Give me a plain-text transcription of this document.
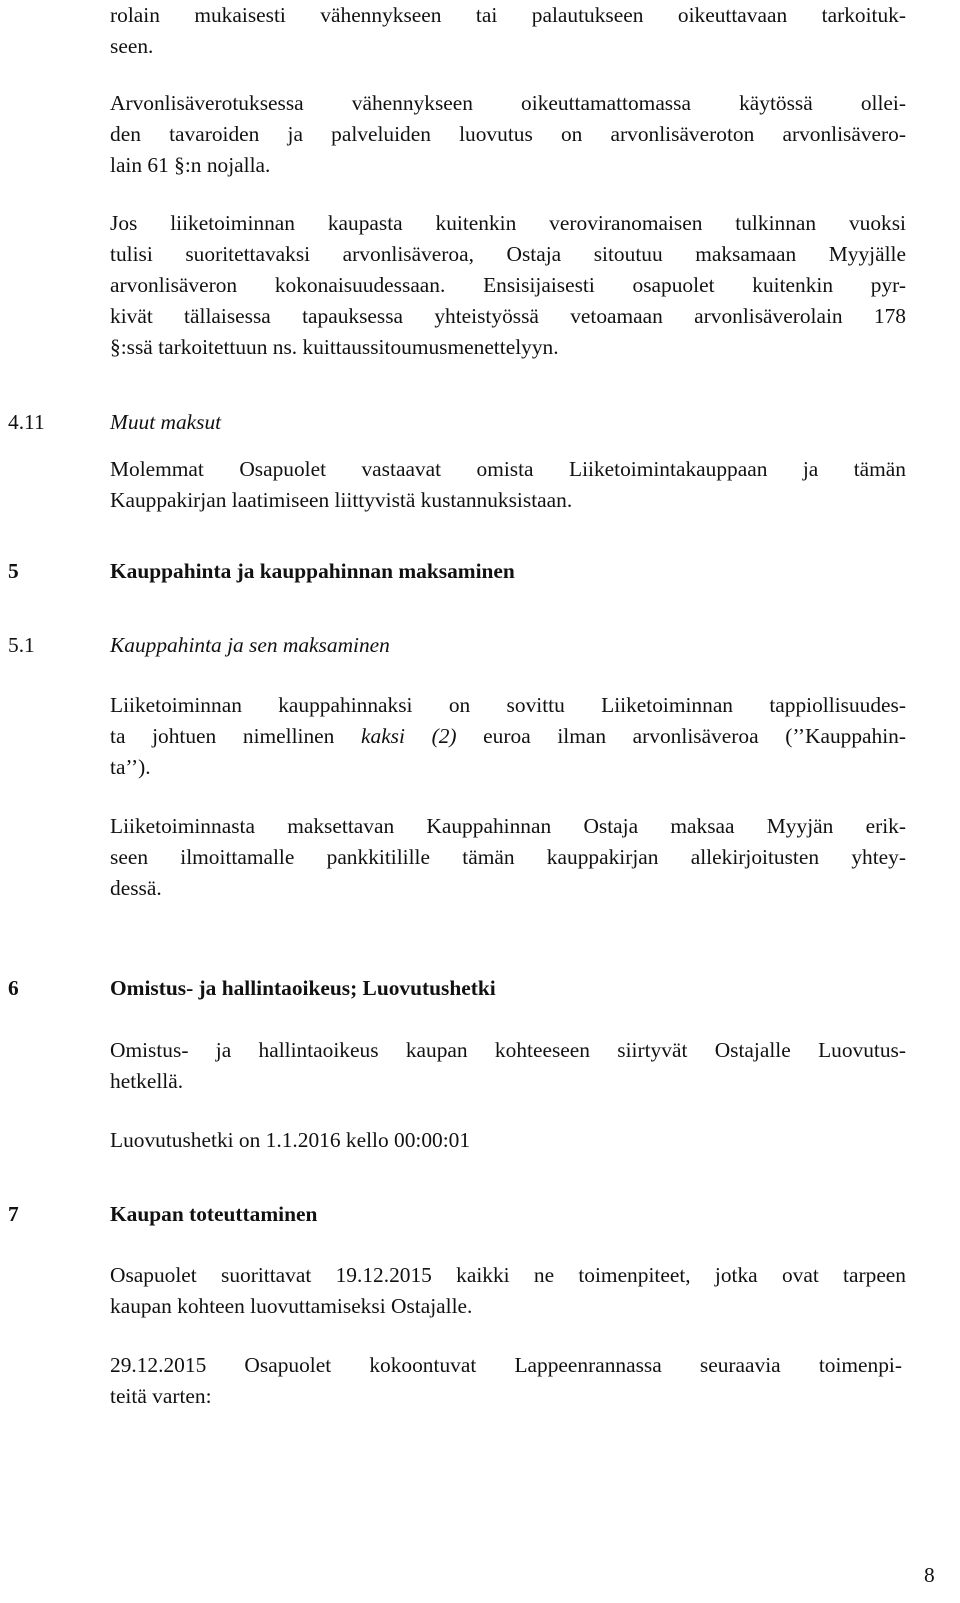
rolain mukaisesti vähennykseen tai palautukseen oikeuttavaan tarkoituk-
seen.
Arvonlisäverotuksessa vähennykseen oikeuttamattomassa käytössä ollei-
den tavaroiden ja palveluiden luovutus on arvonlisäveroton arvonlisävero-
lain 61 §:n nojalla.
Jos liiketoiminnan kaupasta kuitenkin veroviranomaisen tulkinnan vuoksi
tulisi suoritettavaksi arvonlisäveroa, Ostaja sitoutuu maksamaan Myyjälle
arvonlisäveron kokonaisuudessaan. Ensisijaisesti osapuolet kuitenkin pyr-
kivät tällaisessa tapauksessa yhteistyössä vetoamaan arvonlisäverolain 178
§:ssä tarkoitettuun ns. kuittaussitoumusmenettelyyn.
4.11	Muut maksut
Molemmat Osapuolet vastaavat omista Liiketoimintakauppaan ja tämän
Kauppakirjan laatimiseen liittyvistä kustannuksistaan.
5	Kauppahinta ja kauppahinnan maksaminen
5.1	Kauppahinta ja sen maksaminen
Liiketoiminnan kauppahinnaksi on sovittu Liiketoiminnan tappiollisuudes-
ta johtuen nimellinen kaksi (2) euroa ilman arvonlisäveroa (’’Kauppahin-
ta’’).
Liiketoiminnasta maksettavan Kauppahinnan Ostaja maksaa Myyjän erik-
seen ilmoittamalle pankkitilille tämän kauppakirjan allekirjoitusten yhtey-
dessä.
6	Omistus- ja hallintaoikeus; Luovutushetki
Omistus- ja hallintaoikeus kaupan kohteeseen siirtyvät Ostajalle Luovutus-
hetkellä.
Luovutushetki on 1.1.2016 kello 00:00:01
7	Kaupan toteuttaminen
Osapuolet suorittavat 19.12.2015 kaikki ne toimenpiteet, jotka ovat tarpeen
kaupan kohteen luovuttamiseksi Ostajalle.
29.12.2015 Osapuolet kokoontuvat Lappeenrannassa seuraavia toimenpi-
teitä varten:
8
